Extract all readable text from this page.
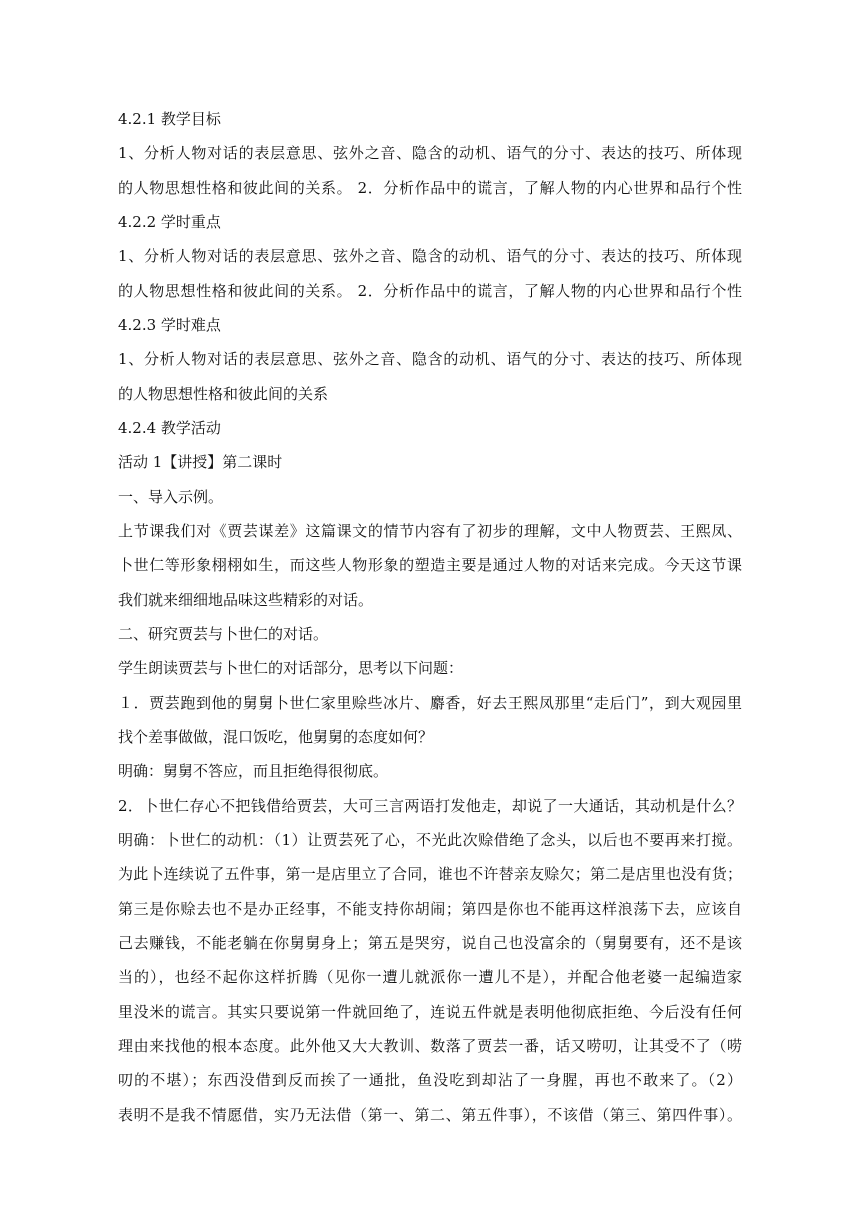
4.2.1 教学目标
1、分析人物对话的表层意思、弦外之音、隐含的动机、语气的分寸、表达的技巧、所体现
的人物思想性格和彼此间的关系。 2．分析作品中的谎言，了解人物的内心世界和品行个性
4.2.2 学时重点
1、分析人物对话的表层意思、弦外之音、隐含的动机、语气的分寸、表达的技巧、所体现
的人物思想性格和彼此间的关系。 2．分析作品中的谎言，了解人物的内心世界和品行个性
4.2.3 学时难点
1、分析人物对话的表层意思、弦外之音、隐含的动机、语气的分寸、表达的技巧、所体现
的人物思想性格和彼此间的关系
4.2.4 教学活动
活动 1【讲授】第二课时
一、导入示例。
上节课我们对《贾芸谋差》这篇课文的情节内容有了初步的理解，文中人物贾芸、王熙凤、
卜世仁等形象栩栩如生，而这些人物形象的塑造主要是通过人物的对话来完成。今天这节课
我们就来细细地品味这些精彩的对话。
二、研究贾芸与卜世仁的对话。
学生朗读贾芸与卜世仁的对话部分，思考以下问题：
１．贾芸跑到他的舅舅卜世仁家里赊些冰片、麝香，好去王熙凤那里“走后门”，到大观园里
找个差事做做，混口饭吃，他舅舅的态度如何？
明确：舅舅不答应，而且拒绝得很彻底。
2．卜世仁存心不把钱借给贾芸，大可三言两语打发他走，却说了一大通话，其动机是什么？
明确：卜世仁的动机：（1）让贾芸死了心，不光此次赊借绝了念头，以后也不要再来打搅。
为此卜连续说了五件事，第一是店里立了合同，谁也不许替亲友赊欠；第二是店里也没有货；
第三是你赊去也不是办正经事，不能支持你胡闹；第四是你也不能再这样浪荡下去，应该自
己去赚钱，不能老躺在你舅舅身上；第五是哭穷，说自己也没富余的（舅舅要有，还不是该
当的），也经不起你这样折腾（见你一遭儿就派你一遭儿不是），并配合他老婆一起编造家
里没米的谎言。其实只要说第一件就回绝了，连说五件就是表明他彻底拒绝、今后没有任何
理由来找他的根本态度。此外他又大大教训、数落了贾芸一番，话又唠叨，让其受不了（唠
叨的不堪）；东西没借到反而挨了一通批，鱼没吃到却沾了一身腥，再也不敢来了。（2）
表明不是我不情愿借，实乃无法借（第一、第二、第五件事），不该借（第三、第四件事）。
